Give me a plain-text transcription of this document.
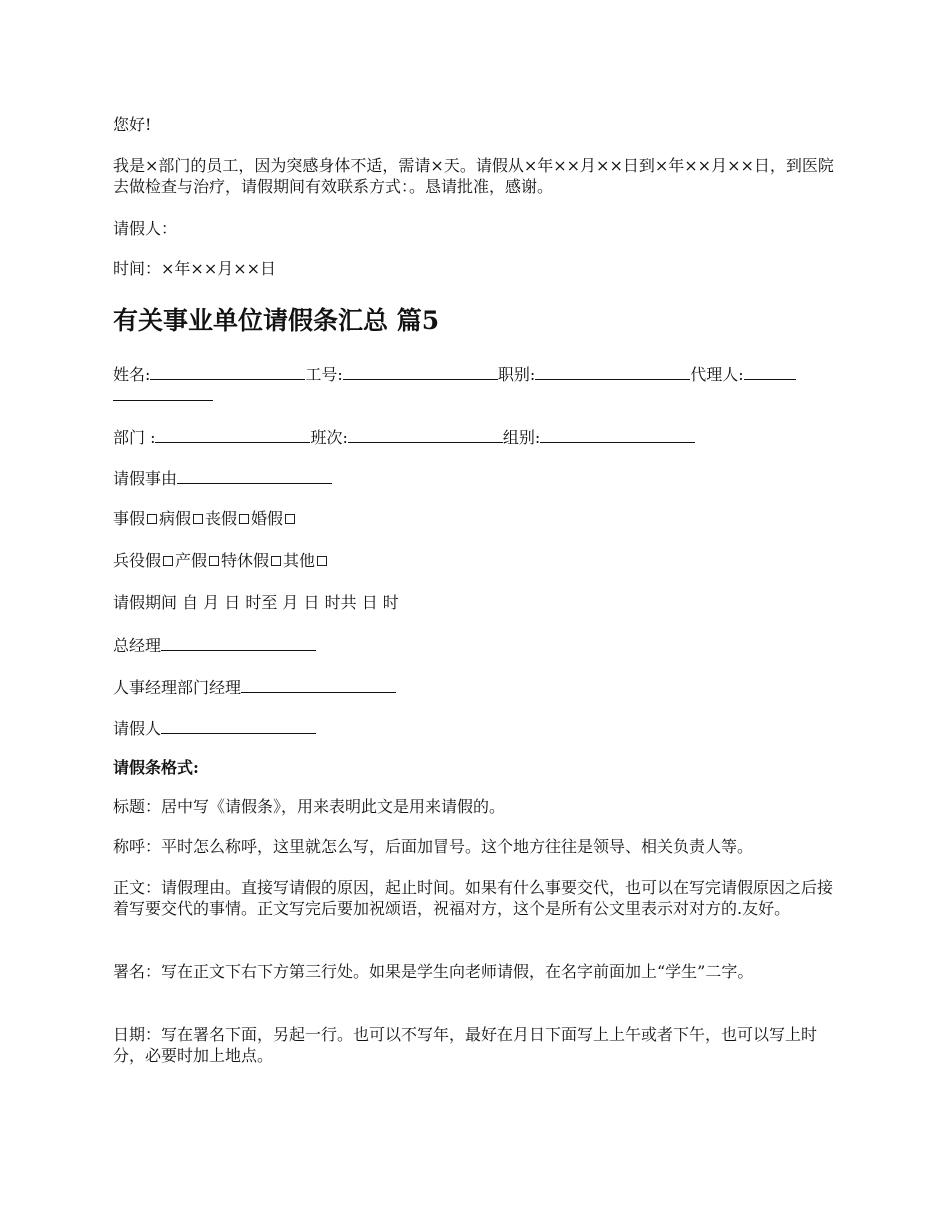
您好!
我是×部门的员工，因为突感身体不适，需请×天。请假从×年××月××日到×年××月××日，到医院去做检查与治疗，请假期间有效联系方式：。恳请批准，感谢。
请假人：
时间：×年××月××日
有关事业单位请假条汇总 篇5
姓名:	工号:	职别:	代理人:
部门 :	班次:	组别:
请假事由
事假 病假 丧假 婚假
兵役假 产假 特休假 其他
请假期间 自 月 日 时至 月 日 时共 日 时
总经理
人事经理部门经理
请假人
请假条格式:
标题：居中写《请假条》，用来表明此文是用来请假的。
称呼：平时怎么称呼，这里就怎么写，后面加冒号。这个地方往往是领导、相关负责人等。
正文：请假理由。直接写请假的原因，起止时间。如果有什么事要交代，也可以在写完请假原因之后接着写要交代的事情。正文写完后要加祝颂语，祝福对方，这个是所有公文里表示对对方的.友好。
署名：写在正文下右下方第三行处。如果是学生向老师请假，在名字前面加上“学生”二字。
日期：写在署名下面，另起一行。也可以不写年，最好在月日下面写上上午或者下午，也可以写上时分，必要时加上地点。
